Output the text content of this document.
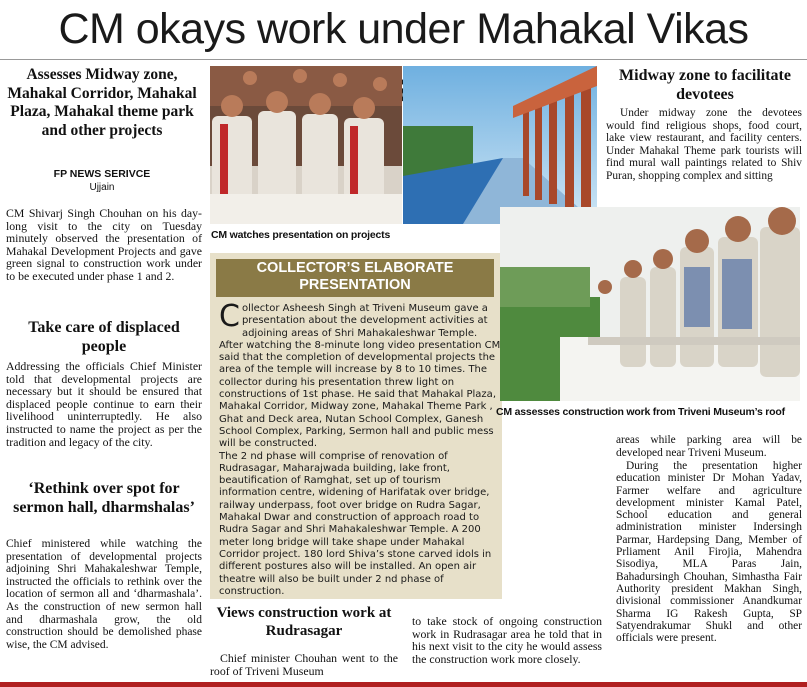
CM okays work under Mahakal Vikas
Assesses Midway zone, Mahakal Corridor, Mahakal Plaza, Mahakal theme park and other projects
FP NEWS SERIVCE
Ujjain
CM Shivarj Singh Chouhan on his day-long visit to the city on Tuesday minutely observed the presentation of Mahakal Development Projects and gave green signal to construction work under to be executed under phase 1 and 2.
Take care of displaced people
Addressing the officials Chief Minister told that developmental projects are necessary but it should be ensured that displaced people continue to earn their livelihood uninterruptedly. He also instructed to name the project as per the tradition and legacy of the city.
‘Rethink over spot for sermon hall, dharmshalas’
Chief ministered while watching the presentation of developmental projects adjoining Shri Mahakaleshwar Temple, instructed the officials to rethink over the location of sermon all and ‘dharmashala’. As the construction of new sermon hall and dharmashala grow, the old construction should be demolished phase wise, the CM advised.
CM watches presentation on projects
COLLECTOR’S ELABORATE PRESENTATION
Collector Asheesh Singh at Triveni Museum gave a presentation about the development activities at adjoining areas of Shri Mahakaleshwar Temple. After watching the 8-minute long video presentation CM said that the completion of developmental projects the area of the temple will increase by 8 to 10 times. The collector during his presentation threw light on constructions of 1st phase. He said that Mahakal Plaza, Mahakal Corridor, Midway zone, Mahakal Theme Park , Ghat and Deck area, Nutan School Complex, Ganesh School Complex, Parking, Sermon hall and public mess will be constructed.
The 2 nd phase will comprise of renovation of Rudrasagar, Maharajwada building, lake front, beautification of Ramghat, set up of tourism information centre, widening of Harifatak over bridge, railway underpass, foot over bridge on Rudra Sagar, Mahakal Dwar and construction of approach road to Rudra Sagar and Shri Mahakaleshwar Temple. A 200 meter long bridge will take shape under Mahakal Corridor project. 180 lord Shiva’s stone carved idols in different postures also will be installed. An open air theatre will also be built under 2 nd phase of construction.
CM assesses construction work from Triveni Museum’s roof
Midway zone to facilitate devotees
Under midway zone the devotees would find religious shops, food court, lake view restaurant, and facility centers. Under Mahakal Theme park tourists will find mural wall paintings related to Shiv Puran, shopping complex and sitting
areas while parking area will be developed near Triveni Museum.
During the presentation higher education minister Dr Mohan Yadav, Farmer welfare and agriculture development minister Kamal Patel, School education and general administration minister Indersingh Parmar, Hardepsing Dang, Member of Prliament Anil Firojia, Mahendra Sisodiya, MLA Paras Jain, Bahadursingh Chouhan, Simhastha Fair Authority president Makhan Singh, divisional commissioner Anandkumar Sharma IG Rakesh Gupta, SP Satyendrakumar Shukl and other officials were present.
Views construction work at Rudrasagar
Chief minister Chouhan went to the roof of Triveni Museum
to take stock of ongoing construction work in Rudrasagar area he told that in his next visit to the city he would assess the construction work more closely.
